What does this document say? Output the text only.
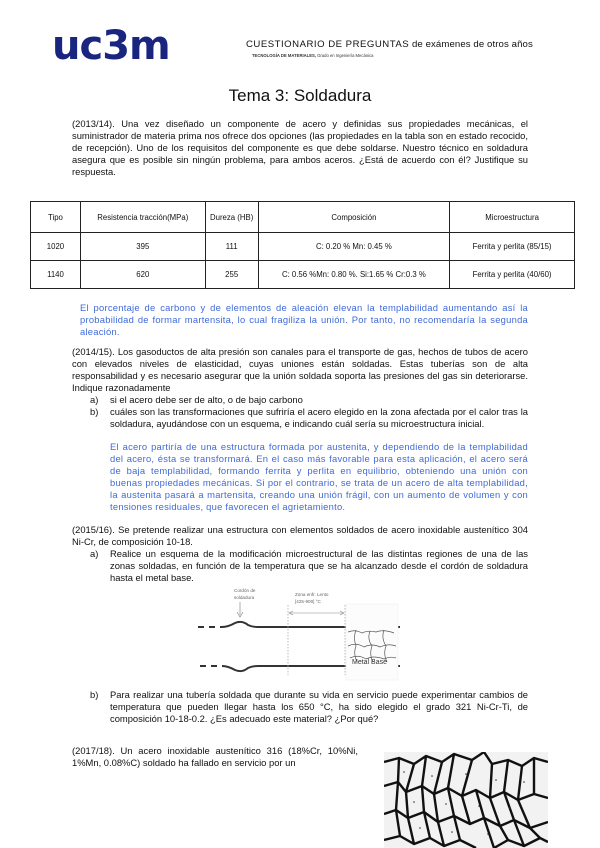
uc3m	CUESTIONARIO DE PREGUNTAS de exámenes de otros años
TECNOLOGÍA DE MATERIALES, Grado en Ingeniería Mecánica
Tema 3: Soldadura
(2013/14). Una vez diseñado un componente de acero y definidas sus propiedades mecánicas, el suministrador de materia prima nos ofrece dos opciones (las propiedades en la tabla son en estado recocido, de recepción). Uno de los requisitos del componente es que debe soldarse. Nuestro técnico en soldadura asegura que es posible sin ningún problema, para ambos aceros. ¿Está de acuerdo con él? Justifique su respuesta.
Tipo	Resistencia tracción(MPa)	Dureza (HB)	Composición	Microestructura
1020	395	111	C: 0.20 % Mn: 0.45 %	Ferrita y perlita (85/15)
1140	620	255	C: 0.56 %Mn: 0.80 %. Si:1.65 % Cr:0.3 %	Ferrita y perlita (40/60)
El porcentaje de carbono y de elementos de aleación elevan la templabilidad aumentando así la probabilidad de formar martensita, lo cual fragiliza la unión. Por tanto, no recomendaría la segunda aleación.
(2014/15). Los gasoductos de alta presión son canales para el transporte de gas, hechos de tubos de acero con elevados niveles de elasticidad, cuyas uniones están soldadas. Estas tuberías son de alta responsabilidad y es necesario asegurar que la unión soldada soporta las presiones del gas sin deteriorarse. Indique razonadamente
a) si el acero debe ser de alto, o de bajo carbono
b) cuáles son las transformaciones que sufriría el acero elegido en la zona afectada por el calor tras la soldadura, ayudándose con un esquema, e indicando cuál sería su microestructura inicial.
El acero partiría de una estructura formada por austenita, y dependiendo de la templabilidad del acero, ésta se transformará. En el caso más favorable para esta aplicación, el acero será de baja templabilidad, formando ferrita y perlita en equilibrio, obteniendo una unión con buenas propiedades mecánicas. Si por el contrario, se trata de un acero de alta templabilidad, la austenita pasará a martensita, creando una unión frágil, con un aumento de volumen y con tensiones residuales, que favorecen el agrietamiento.
(2015/16). Se pretende realizar una estructura con elementos soldados de acero inoxidable austenítico 304 Ni-Cr, de composición 10-18.
a) Realice un esquema de la modificación microestructural de las distintas regiones de una de las zonas soldadas, en función de la temperatura que se ha alcanzado desde el cordón de soldadura hasta el metal base.
Cordón de
soldadura
Zona enfr. Lento
[425-900] °C
Metal Base
b) Para realizar una tubería soldada que durante su vida en servicio puede experimentar cambios de temperatura que pueden llegar hasta los 650 °C, ha sido elegido el grado 321 Ni-Cr-Ti, de composición 10-18-0.2. ¿Es adecuado este material? ¿Por qué?
(2017/18). Un acero inoxidable austenítico 316 (18%Cr, 10%Ni, 1%Mn, 0.08%C) soldado ha fallado en servicio por un
